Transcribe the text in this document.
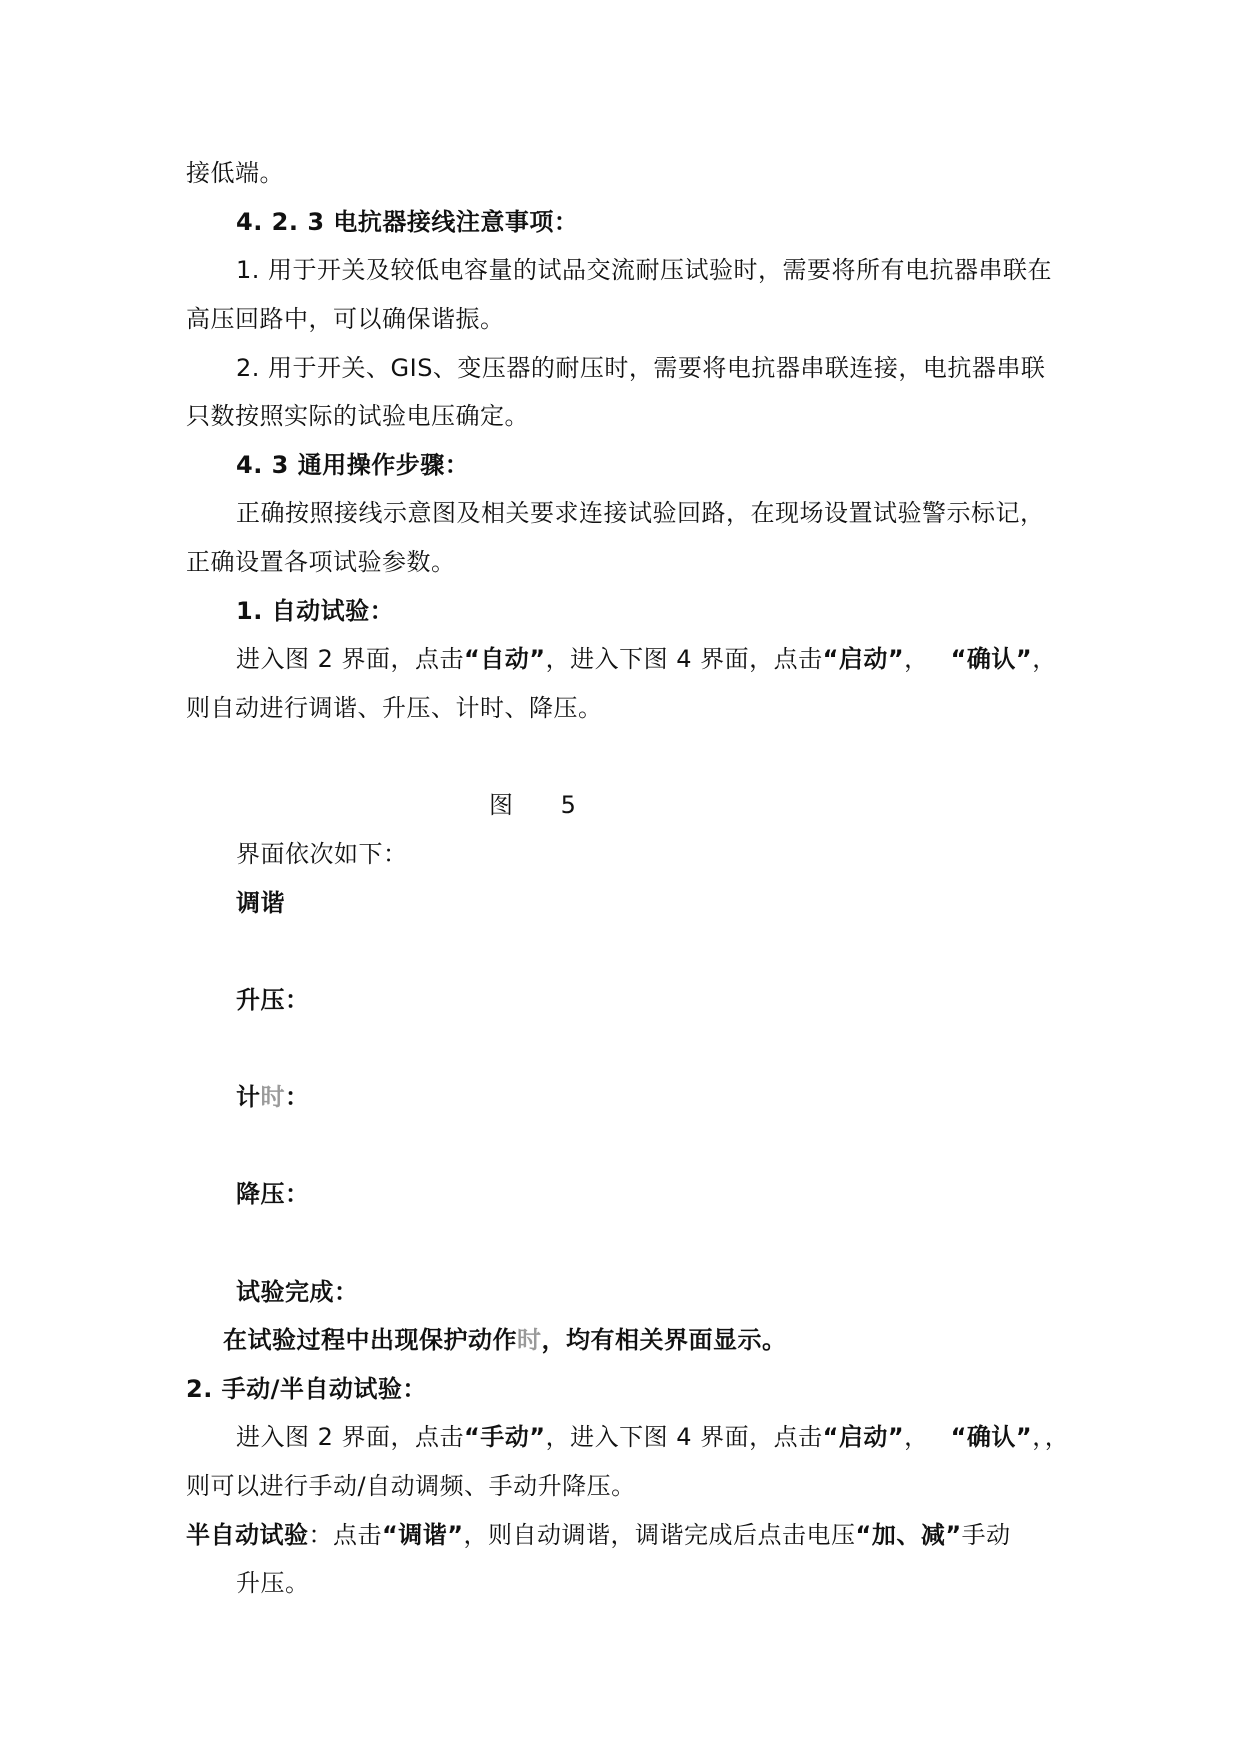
接低端。
4. 2. 3 电抗器接线注意事项：
1. 用于开关及较低电容量的试品交流耐压试验时，需要将所有电抗器串联在
高压回路中，可以确保谐振。
2. 用于开关、GIS、变压器的耐压时，需要将电抗器串联连接，电抗器串联
只数按照实际的试验电压确定。
4. 3 通用操作步骤：
正确按照接线示意图及相关要求连接试验回路，在现场设置试验警示标记，
正确设置各项试验参数。
1. 自动试验：
进入图 2 界面，点击“自动”，进入下图 4 界面，点击“启动”， “确认”，
则自动进行调谐、升压、计时、降压。
图 5
界面依次如下：
调谐
升压：
计时：
降压：
试验完成：
在试验过程中出现保护动作时，均有相关界面显示。
2. 手动/半自动试验：
进入图 2 界面，点击“手动”，进入下图 4 界面，点击“启动”， “确认”，，
则可以进行手动/自动调频、手动升降压。
半自动试验：点击“调谐”，则自动调谐，调谐完成后点击电压“加、减”手动
升压。
